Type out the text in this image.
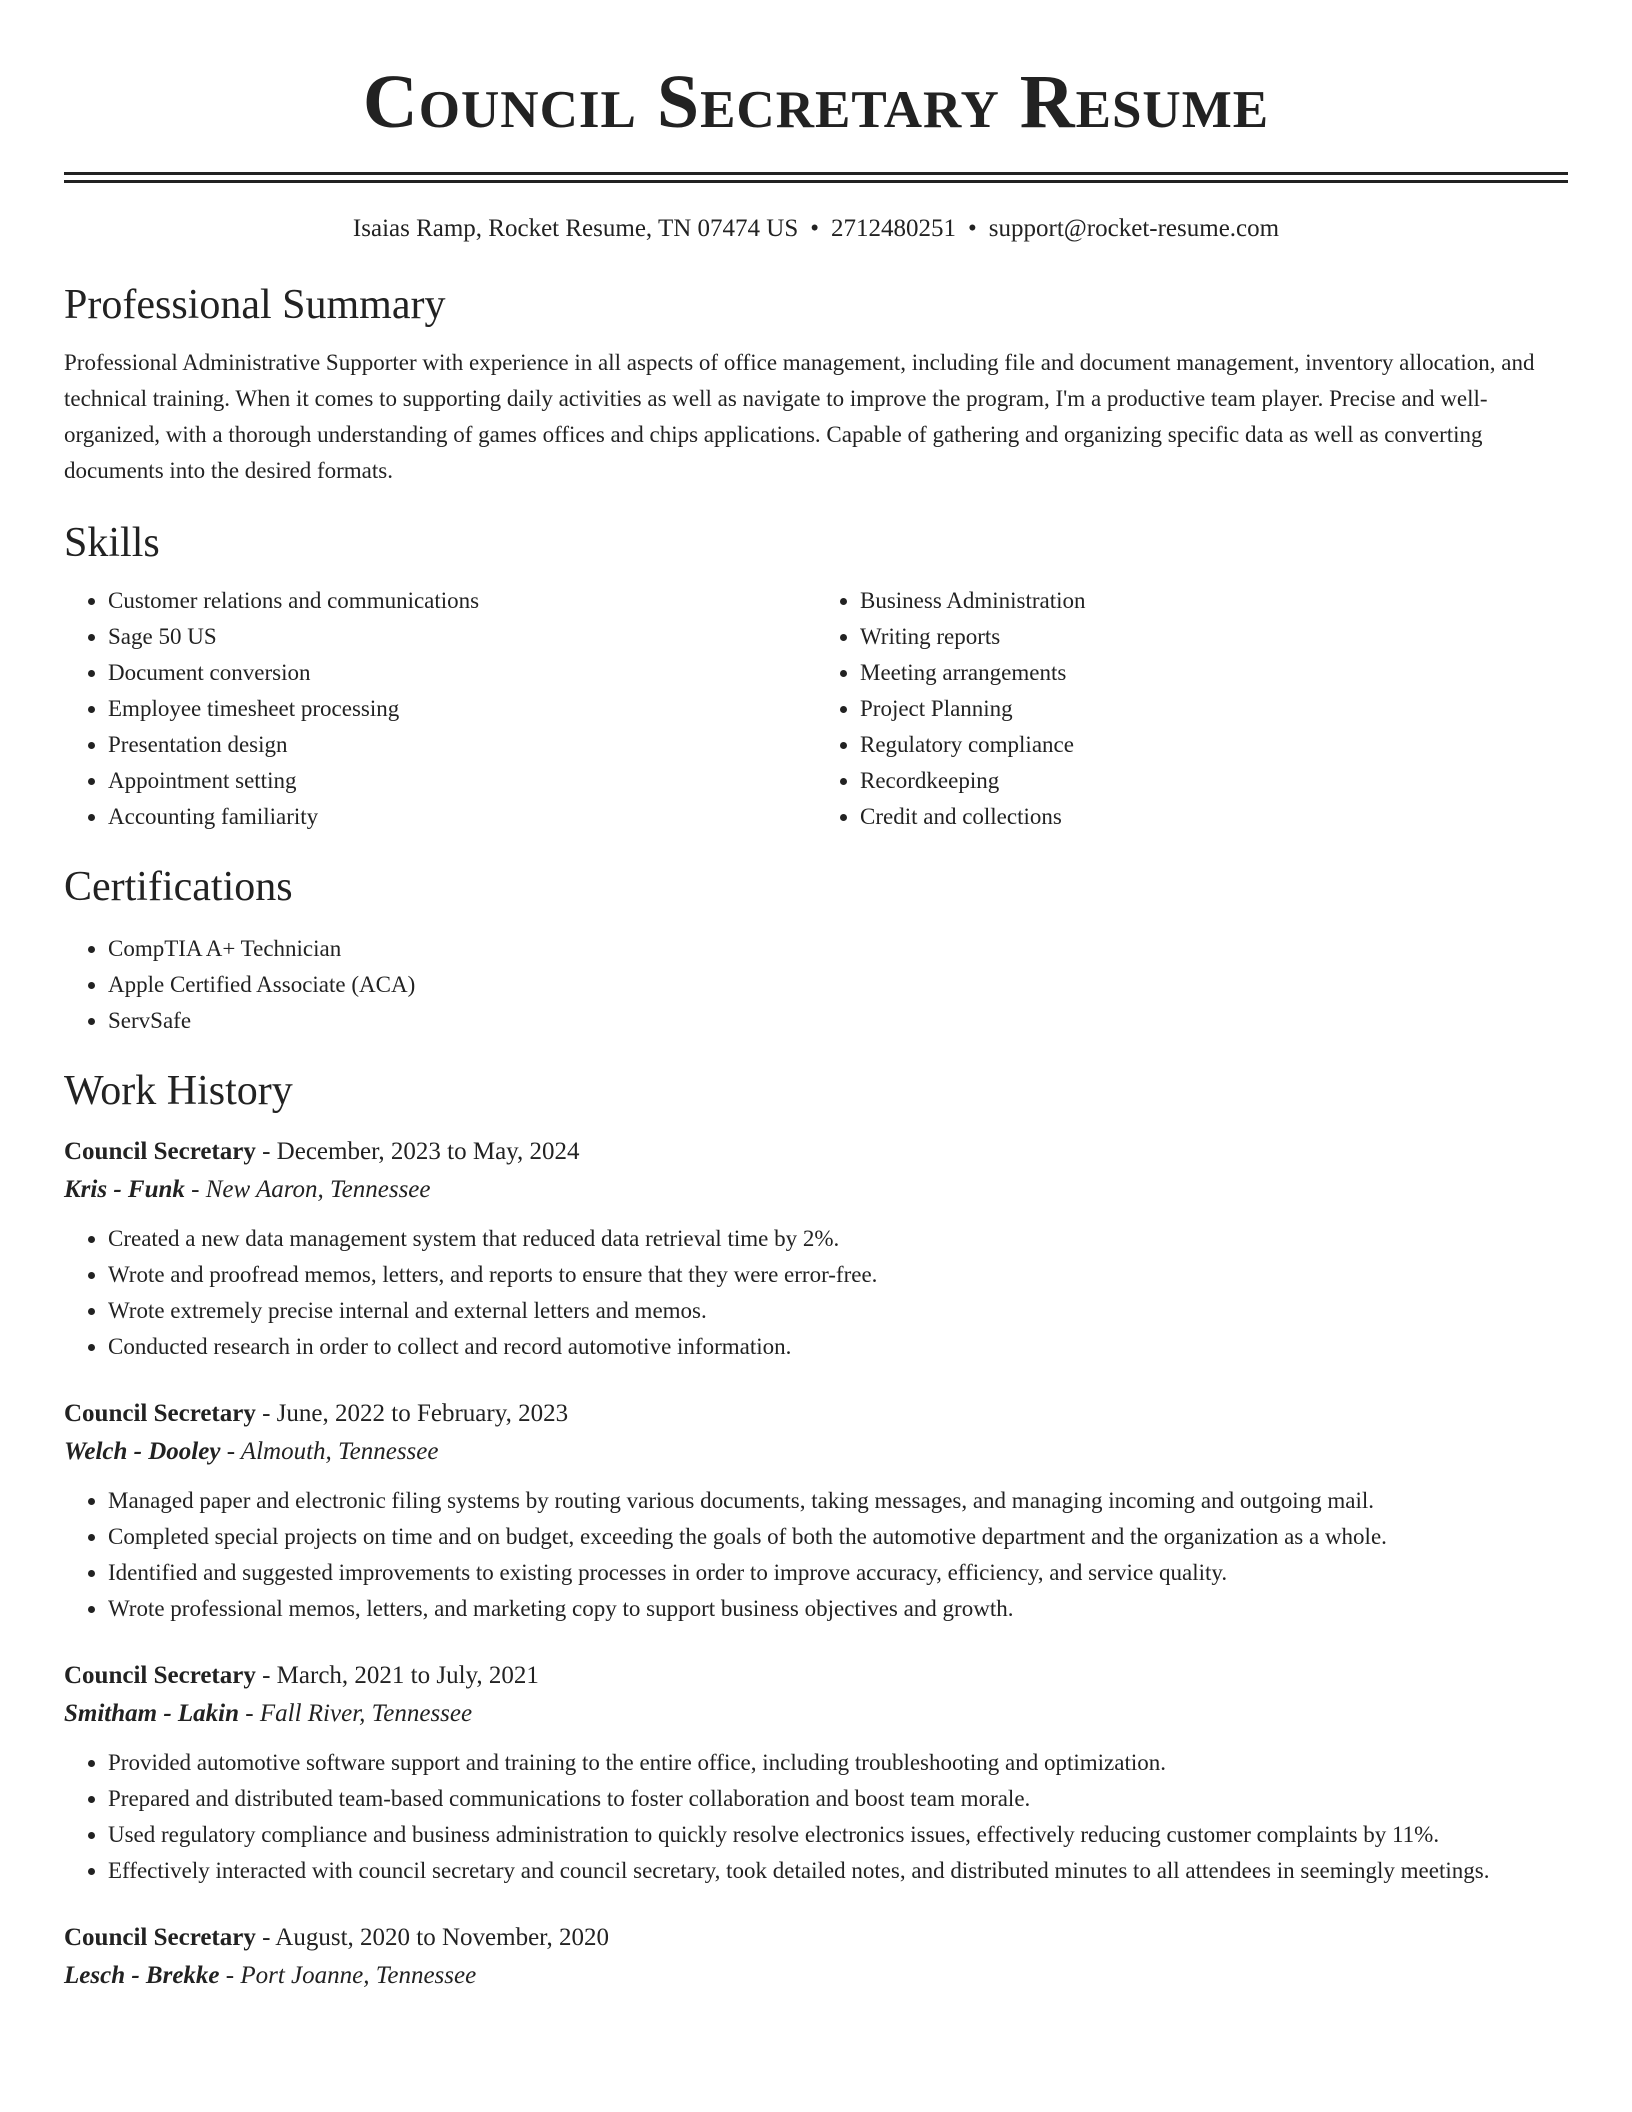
Council Secretary Resume
Isaias Ramp, Rocket Resume, TN 07474 US • 2712480251 • support@rocket-resume.com
Professional Summary

Professional Administrative Supporter with experience in all aspects of office management, including file and document management, inventory allocation, and technical training. When it comes to supporting daily activities as well as navigate to improve the program, I'm a productive team player. Precise and well-organized, with a thorough understanding of games offices and chips applications. Capable of gathering and organizing specific data as well as converting documents into the desired formats.

Skills
• Customer relations and communications
• Sage 50 US
• Document conversion
• Employee timesheet processing
• Presentation design
• Appointment setting
• Accounting familiarity
• Business Administration
• Writing reports
• Meeting arrangements
• Project Planning
• Regulatory compliance
• Recordkeeping
• Credit and collections
Certifications
• CompTIA A+ Technician
• Apple Certified Associate (ACA)
• ServSafe
Work History
Council Secretary - December, 2023 to May, 2024
Kris - Funk - New Aaron, Tennessee
• Created a new data management system that reduced data retrieval time by 2%.
• Wrote and proofread memos, letters, and reports to ensure that they were error-free.
• Wrote extremely precise internal and external letters and memos.
• Conducted research in order to collect and record automotive information.
Council Secretary - June, 2022 to February, 2023
Welch - Dooley - Almouth, Tennessee
• Managed paper and electronic filing systems by routing various documents, taking messages, and managing incoming and outgoing mail.
• Completed special projects on time and on budget, exceeding the goals of both the automotive department and the organization as a whole.
• Identified and suggested improvements to existing processes in order to improve accuracy, efficiency, and service quality.
• Wrote professional memos, letters, and marketing copy to support business objectives and growth.
Council Secretary - March, 2021 to July, 2021
Smitham - Lakin - Fall River, Tennessee
• Provided automotive software support and training to the entire office, including troubleshooting and optimization.
• Prepared and distributed team-based communications to foster collaboration and boost team morale.
• Used regulatory compliance and business administration to quickly resolve electronics issues, effectively reducing customer complaints by 11%.
• Effectively interacted with council secretary and council secretary, took detailed notes, and distributed minutes to all attendees in seemingly meetings.
Council Secretary - August, 2020 to November, 2020
Lesch - Brekke - Port Joanne, Tennessee
